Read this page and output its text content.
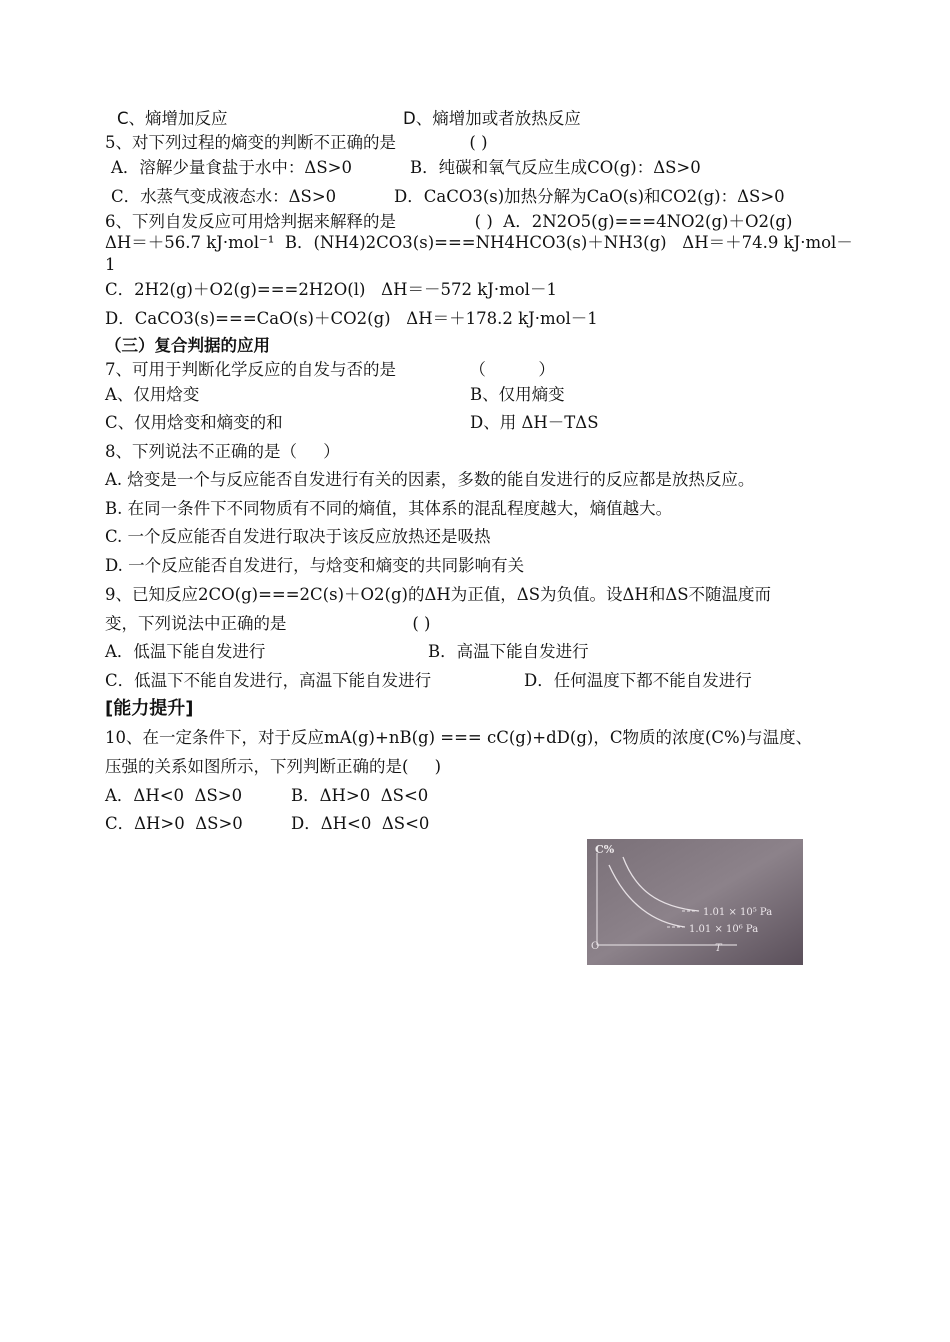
C、熵增加反应	D、熵增加或者放热反应
5、对下列过程的熵变的判断不正确的是              ( )
A．溶解少量食盐于水中：ΔS>0	B．纯碳和氧气反应生成CO(g)：ΔS>0
C．水蒸气变成液态水：ΔS>0	D．CaCO3(s)加热分解为CaO(s)和CO2(g)：ΔS>0
6、下列自发反应可用焓判据来解释的是               ( )  A．2N2O5(g)===4NO2(g)＋O2(g)
ΔH＝＋56.7 kJ·mol⁻¹  B．(NH4)2CO3(s)===NH4HCO3(s)＋NH3(g)   ΔH＝＋74.9 kJ·mol－
1
C．2H2(g)＋O2(g)===2H2O(l)   ΔH＝－572 kJ·mol－1
D．CaCO3(s)===CaO(s)＋CO2(g)   ΔH＝＋178.2 kJ·mol－1
（三）复合判据的应用
7、可用于判断化学反应的自发与否的是              （          ）
A、仅用焓变	B、仅用熵变
C、仅用焓变和熵变的和	D、用 ΔH－TΔS
8、下列说法不正确的是（     ）
A. 焓变是一个与反应能否自发进行有关的因素，多数的能自发进行的反应都是放热反应。
B. 在同一条件下不同物质有不同的熵值，其体系的混乱程度越大，熵值越大。
C. 一个反应能否自发进行取决于该反应放热还是吸热
D. 一个反应能否自发进行，与焓变和熵变的共同影响有关
9、已知反应2CO(g)===2C(s)＋O2(g)的ΔH为正值，ΔS为负值。设ΔH和ΔS不随温度而
变，下列说法中正确的是                        ( )
A．低温下能自发进行	B．高温下能自发进行
C．低温下不能自发进行，高温下能自发进行	D．任何温度下都不能自发进行
[能力提升]
10、在一定条件下，对于反应mA(g)+nB(g) === cC(g)+dD(g)，C物质的浓度(C%)与温度、
压强的关系如图所示，下列判断正确的是(     )
A．ΔH<0  ΔS>0	B．ΔH>0  ΔS<0
C．ΔH>0  ΔS>0	D．ΔH<0  ΔS<0
C%
O	T
1.01 × 10⁵ Pa
1.01 × 10⁶ Pa
